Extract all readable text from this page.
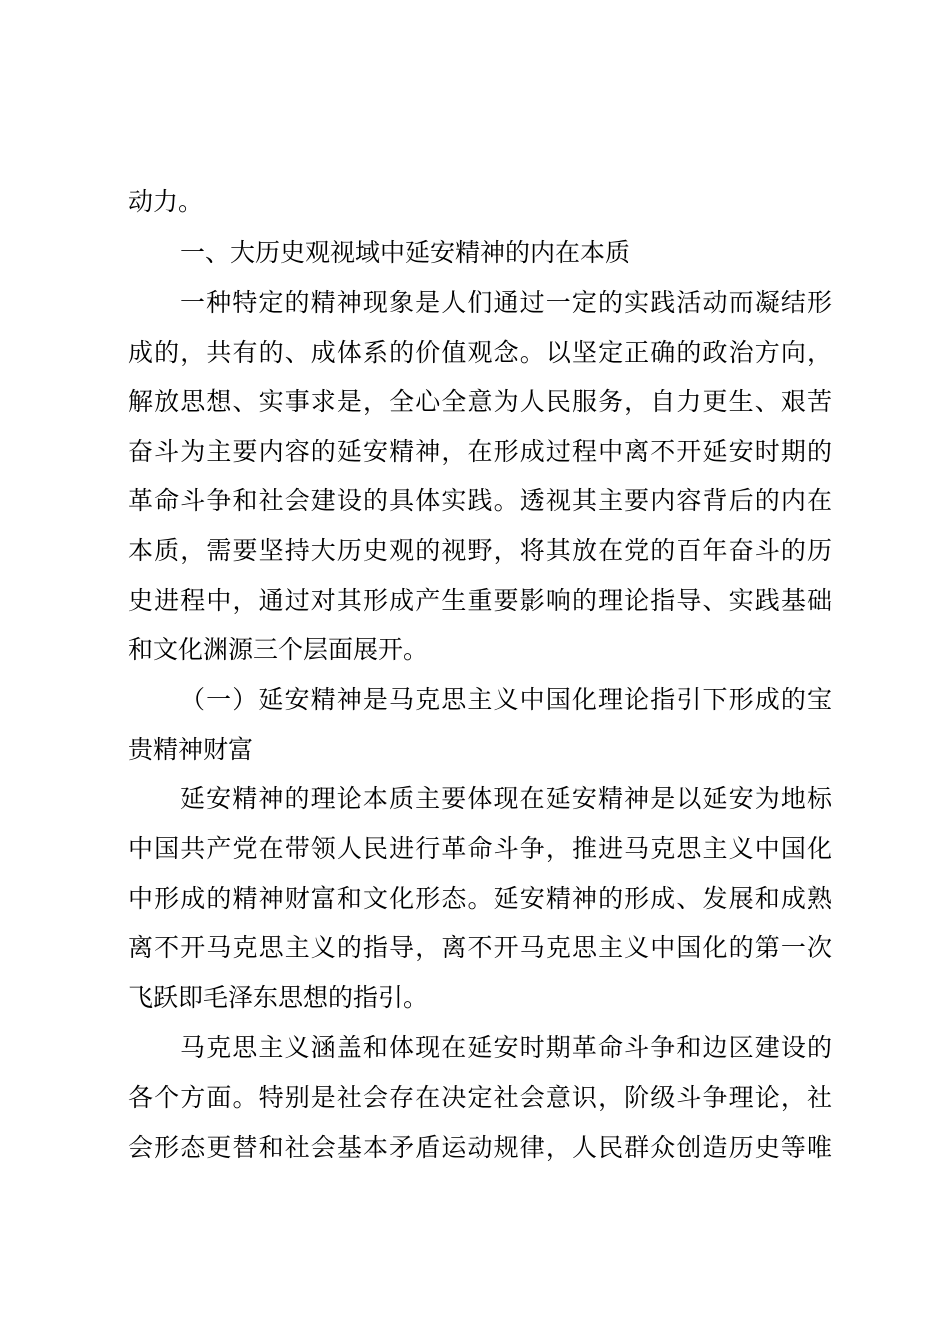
动力。
一、大历史观视域中延安精神的内在本质
一种特定的精神现象是人们通过一定的实践活动而凝结形
成的，共有的、成体系的价值观念。以坚定正确的政治方向，
解放思想、实事求是，全心全意为人民服务，自力更生、艰苦
奋斗为主要内容的延安精神，在形成过程中离不开延安时期的
革命斗争和社会建设的具体实践。透视其主要内容背后的内在
本质，需要坚持大历史观的视野，将其放在党的百年奋斗的历
史进程中，通过对其形成产生重要影响的理论指导、实践基础
和文化渊源三个层面展开。
（一）延安精神是马克思主义中国化理论指引下形成的宝
贵精神财富
延安精神的理论本质主要体现在延安精神是以延安为地标
中国共产党在带领人民进行革命斗争，推进马克思主义中国化
中形成的精神财富和文化形态。延安精神的形成、发展和成熟
离不开马克思主义的指导，离不开马克思主义中国化的第一次
飞跃即毛泽东思想的指引。
马克思主义涵盖和体现在延安时期革命斗争和边区建设的
各个方面。特别是社会存在决定社会意识，阶级斗争理论，社
会形态更替和社会基本矛盾运动规律，人民群众创造历史等唯
